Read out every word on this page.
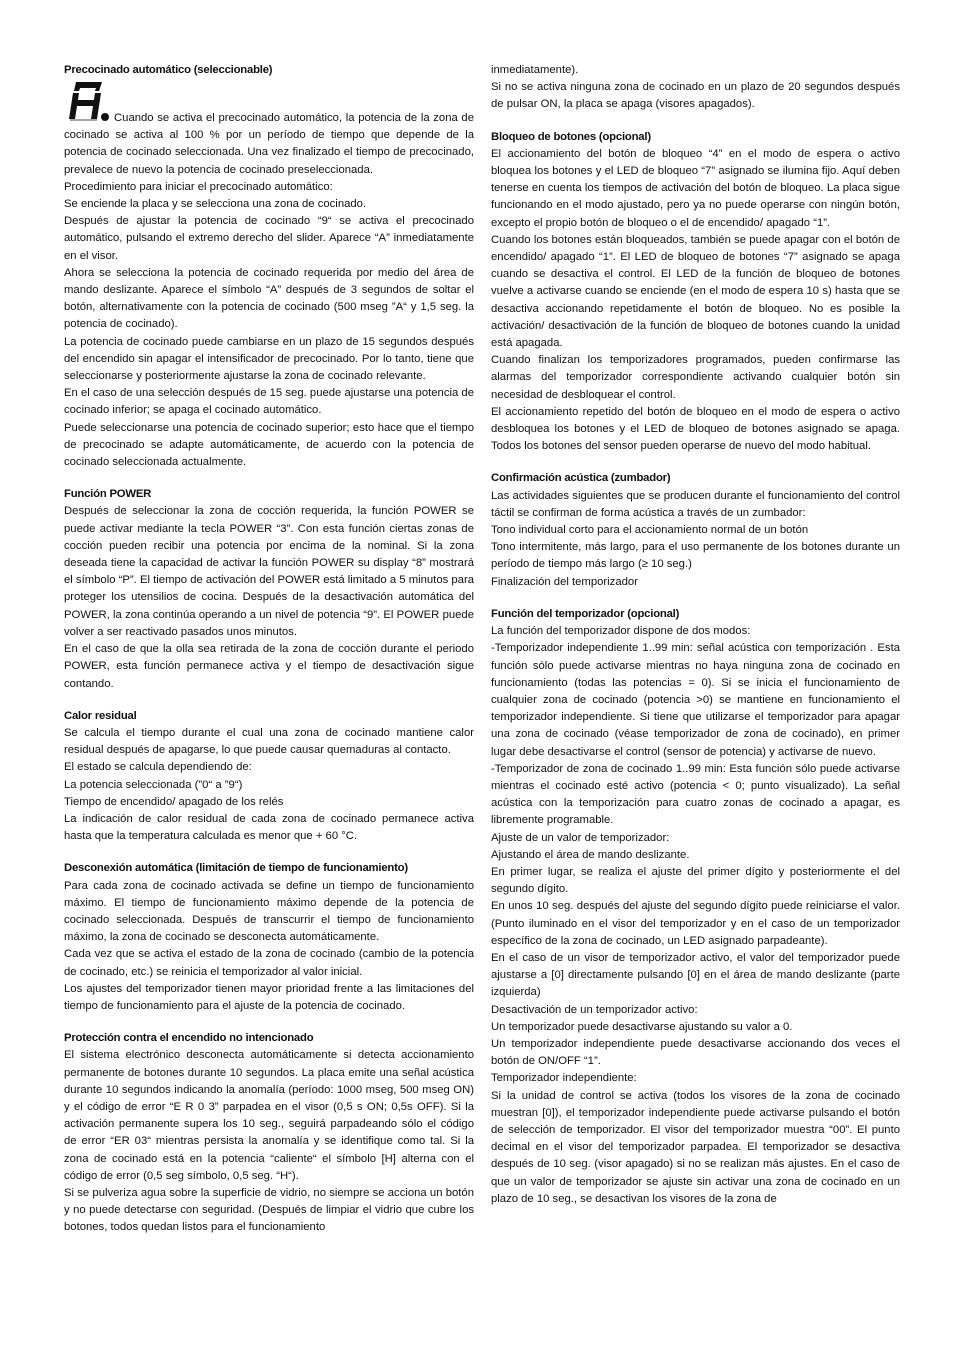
Precocinado automático (seleccionable)

Cuando se activa el precocinado automático, la potencia de la zona de cocinado se activa al 100 % por un período de tiempo que depende de la potencia de cocinado seleccionada. Una vez finalizado el tiempo de precocinado, prevalece de nuevo la potencia de cocinado preseleccionada.

Procedimiento para iniciar el precocinado automático:

Se enciende la placa y se selecciona una zona de cocinado.

Después de ajustar la potencia de cocinado “9“ se activa el precocinado automático, pulsando el extremo derecho del slider. Aparece “A” inmediatamente en el visor.

Ahora se selecciona la potencia de cocinado requerida por medio del área de mando deslizante. Aparece el símbolo “A” después de 3 segundos de soltar el botón, alternativamente con la potencia de cocinado (500 mseg ”A“ y 1,5 seg. la potencia de cocinado).

La potencia de cocinado puede cambiarse en un plazo de 15 segundos después del encendido sin apagar el intensificador de precocinado. Por lo tanto, tiene que seleccionarse y posteriormente ajustarse la zona de cocinado relevante.

En el caso de una selección después de 15 seg. puede ajustarse una potencia de cocinado inferior; se apaga el cocinado automático.

Puede seleccionarse una potencia de cocinado superior; esto hace que el tiempo de precocinado se adapte automáticamente, de acuerdo con la potencia de cocinado seleccionada actualmente.

Función POWER

Después de seleccionar la zona de cocción requerida, la función POWER se puede activar mediante la tecla POWER “3”. Con esta función ciertas zonas de cocción pueden recibir una potencia por encima de la nominal. Si la zona deseada tiene la capacidad de activar la función POWER su display “8” mostrará el símbolo “P”. El tiempo de activación del POWER está limitado a 5 minutos para proteger los utensilios de cocina. Después de la desactivación automática del POWER, la zona continúa operando a un nivel de potencia “9”. El POWER puede volver a ser reactivado pasados unos minutos.

En el caso de que la olla sea retirada de la zona de cocción durante el periodo POWER, esta función permanece activa y el tiempo de desactivación sigue contando.

Calor residual

Se calcula el tiempo durante el cual una zona de cocinado mantiene calor residual después de apagarse, lo que puede causar quemaduras al contacto.

El estado se calcula dependiendo de:

La potencia seleccionada (”0“ a ”9“)

Tiempo de encendido/ apagado de los relés

La indicación de calor residual de cada zona de cocinado permanece activa hasta que la temperatura calculada es menor que + 60 °C.

Desconexión automática (limitación de tiempo de funcionamiento)

Para cada zona de cocinado activada se define un tiempo de funcionamiento máximo. El tiempo de funcionamiento máximo depende de la potencia de cocinado seleccionada. Después de transcurrir el tiempo de funcionamiento máximo, la zona de cocinado se desconecta automáticamente.

Cada vez que se activa el estado de la zona de cocinado (cambio de la potencia de cocinado, etc.) se reinicia el temporizador al valor inicial.

Los ajustes del temporizador tienen mayor prioridad frente a las limitaciones del tiempo de funcionamiento para el ajuste de la potencia de cocinado.

Protección contra el encendido no intencionado

El sistema electrónico desconecta automáticamente si detecta accionamiento permanente de botones durante 10 segundos. La placa emite una señal acústica durante 10 segundos indicando la anomalía (período: 1000 mseg, 500 mseg ON) y el código de error “E R 0 3” parpadea en el visor (0,5 s ON; 0,5s OFF). Si la activación permanente supera los 10 seg., seguirá parpadeando sólo el código de error “ER 03“ mientras persista la anomalía y se identifique como tal. Si la zona de cocinado está en la potencia “caliente“ el símbolo [H] alterna con el código de error (0,5 seg símbolo, 0,5 seg. “H“).

Si se pulveriza agua sobre la superficie de vidrio, no siempre se acciona un botón y no puede detectarse con seguridad. (Después de limpiar el vidrio que cubre los botones, todos quedan listos para el funcionamiento

inmediatamente).

Si no se activa ninguna zona de cocinado en un plazo de 20 segundos después de pulsar ON, la placa se apaga (visores apagados).

Bloqueo de botones (opcional)

El accionamiento del botón de bloqueo “4” en el modo de espera o activo bloquea los botones y el LED de bloqueo “7” asignado se ilumina fijo. Aquí deben tenerse en cuenta los tiempos de activación del botón de bloqueo. La placa sigue funcionando en el modo ajustado, pero ya no puede operarse con ningún botón, excepto el propio botón de bloqueo o el de encendido/ apagado “1”.

Cuando los botones están bloqueados, también se puede apagar con el botón de encendido/ apagado “1”. El LED de bloqueo de botones “7” asignado se apaga cuando se desactiva el control. El LED de la función de bloqueo de botones vuelve a activarse cuando se enciende (en el modo de espera 10 s) hasta que se desactiva accionando repetidamente el botón de bloqueo. No es posible la activación/ desactivación de la función de bloqueo de botones cuando la unidad está apagada.

Cuando finalizan los temporizadores programados, pueden confirmarse las alarmas del temporizador correspondiente activando cualquier botón sin necesidad de desbloquear el control.

El accionamiento repetido del botón de bloqueo en el modo de espera o activo desbloquea los botones y el LED de bloqueo de botones asignado se apaga. Todos los botones del sensor pueden operarse de nuevo del modo habitual.

Confirmación acústica (zumbador)

Las actividades siguientes que se producen durante el funcionamiento del control táctil se confirman de forma acústica a través de un zumbador:

Tono individual corto para el accionamiento normal de un botón

Tono intermitente, más largo, para el uso permanente de los botones durante un período de tiempo más largo (≥ 10 seg.)

Finalización del temporizador

Función del temporizador (opcional)

La función del temporizador dispone de dos modos:

-Temporizador independiente 1..99 min: señal acústica con temporización . Esta función sólo puede activarse mientras no haya ninguna zona de cocinado en funcionamiento (todas las potencias = 0). Si se inicia el funcionamiento de cualquier zona de cocinado (potencia >0) se mantiene en funcionamiento el temporizador independiente. Si tiene que utilizarse el temporizador para apagar una zona de cocinado (véase temporizador de zona de cocinado), en primer lugar debe desactivarse el control (sensor de potencia) y activarse de nuevo.

-Temporizador de zona de cocinado 1..99 min: Esta función sólo puede activarse mientras el cocinado esté activo (potencia < 0; punto visualizado). La señal acústica con la temporización para cuatro zonas de cocinado a apagar, es libremente programable.

Ajuste de un valor de temporizador:

Ajustando el área de mando deslizante.

En primer lugar, se realiza el ajuste del primer dígito y posteriormente el del segundo dígito.

En unos 10 seg. después del ajuste del segundo dígito puede reiniciarse el valor. (Punto iluminado en el visor del temporizador y en el caso de un temporizador específico de la zona de cocinado, un LED asignado parpadeante).

En el caso de un visor de temporizador activo, el valor del temporizador puede ajustarse a [0] directamente pulsando [0] en el área de mando deslizante (parte izquierda)

Desactivación de un temporizador activo:

Un temporizador puede desactivarse ajustando su valor a 0.

Un temporizador independiente puede desactivarse accionando dos veces el botón de ON/OFF “1”.

Temporizador independiente:

Si la unidad de control se activa (todos los visores de la zona de cocinado muestran [0]), el temporizador independiente puede activarse pulsando el botón de selección de temporizador. El visor del temporizador muestra “00”. El punto decimal en el visor del temporizador parpadea. El temporizador se desactiva después de 10 seg. (visor apagado) si no se realizan más ajustes. En el caso de que un valor de temporizador se ajuste sin activar una zona de cocinado en un plazo de 10 seg., se desactivan los visores de la zona de
